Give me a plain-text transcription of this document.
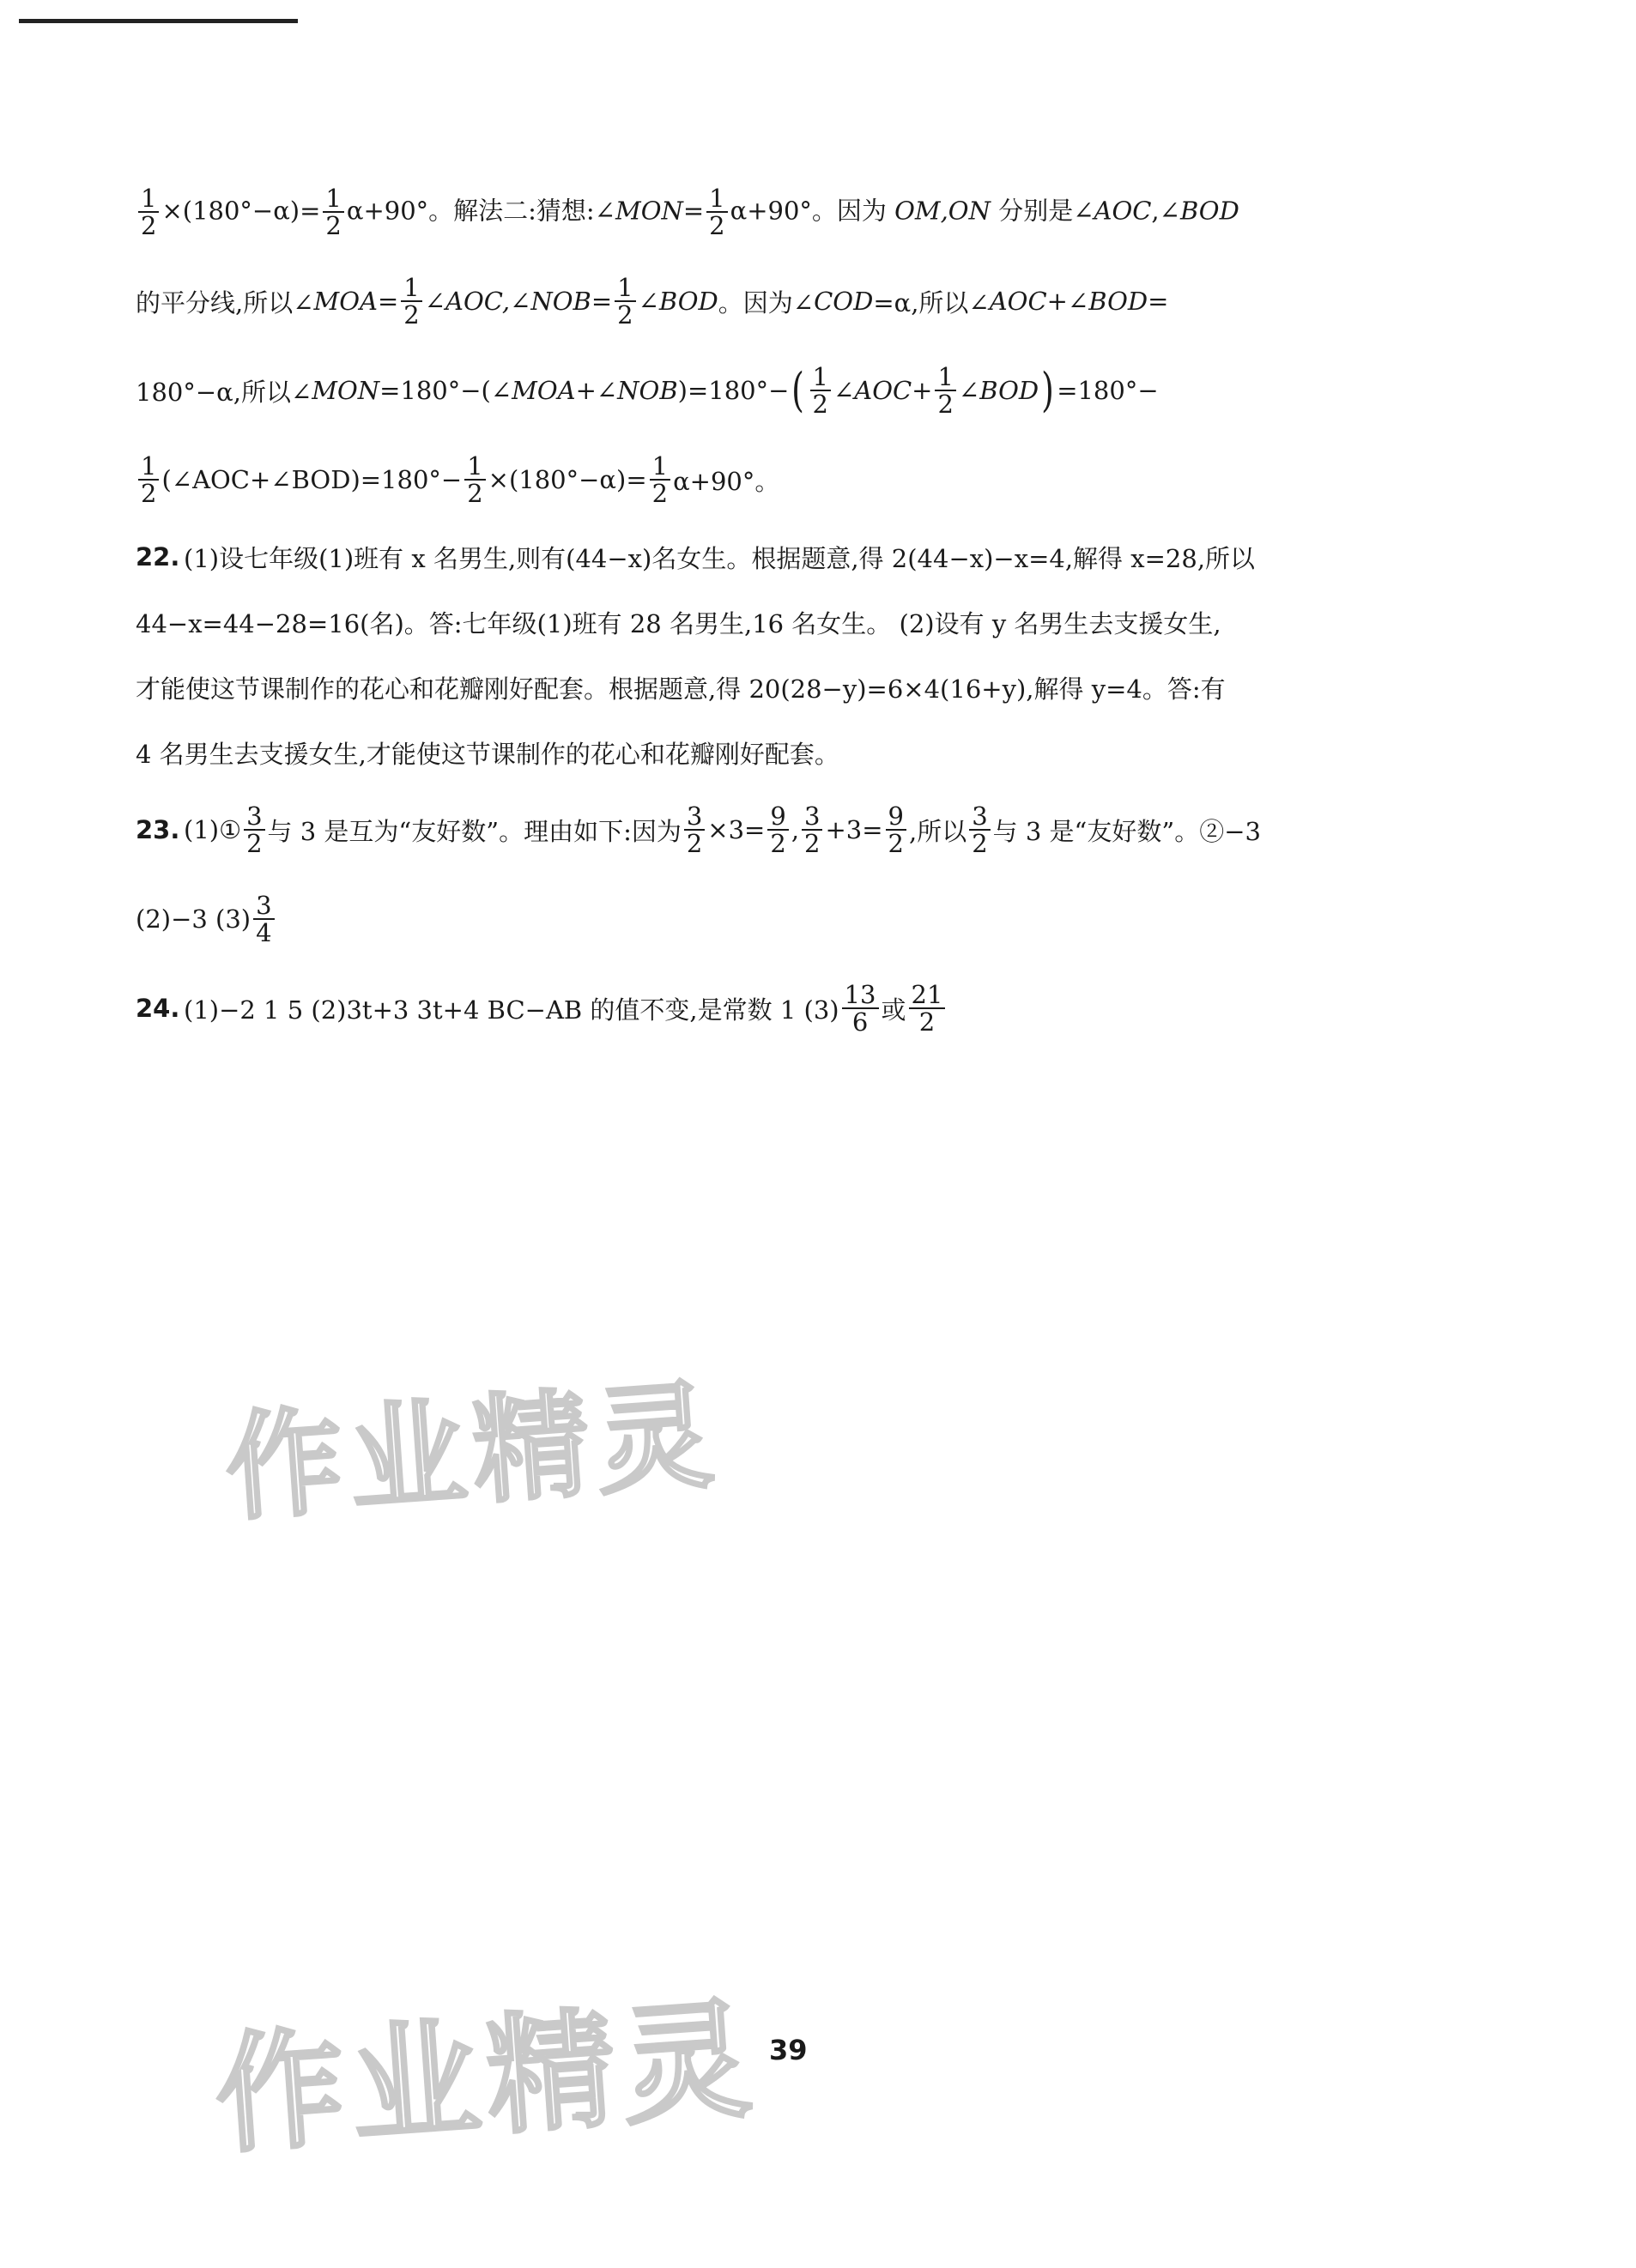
$\frac{1}{2} \times(180^\circ-\alpha)= \frac{1}{2} \alpha+90^\circ$。解法二:猜想:∠MON= $\frac{1}{2} \alpha+90^\circ$。因为 OM,ON 分别是∠AOC,∠BOD
的平分线,所以∠ $MOA= \frac{1}{2}$ ∠AOC,∠NOB= $\frac{1}{2}$ ∠ BOD 。因为∠ COD =α,所以∠ AOC+∠BOD=
180°−α,所以∠ MON =180°−(∠ MOA+∠NOB )=180°− ( $\frac{1}{2}$ ∠AOC+ $\frac{1}{2}$ ∠BOD ) =180°−
$\frac{1}{2}$ (∠AOC+∠BOD)=180°− $\frac{1}{2} \times(180^\circ-\alpha)= \frac{1}{2} \alpha+90^\circ$。
22. (1)设七年级(1)班有 x 名男生,则有(44−x)名女生。根据题意,得 2(44−x)−x=4,解得 x=28,所以
44−x=44−28=16(名)。答:七年级(1)班有 28 名男生,16 名女生。 (2)设有 y 名男生去支援女生,
才能使这节课制作的花心和花瓣刚好配套。根据题意,得 20(28−y)=6×4(16+y),解得 y=4。答:有
4 名男生去支援女生,才能使这节课制作的花心和花瓣刚好配套。
23. (1)① $\frac{3}{2}$ 与 3 是互为“友好数”。理由如下:因为 $\frac{3}{2} \times 3= \frac{9}{2}$ , $\frac{3}{2} +3= \frac{9}{2}$ ,所以 $\frac{3}{2}$ 与 3 是“友好数”。②−3
(2)−3 $(3) \frac{3}{4}$
24. (1)−2 1 5 (2)3t+3 3t+4 BC−AB 的值不变,是常数 1 $(3) \frac{13}{6}$ 或 $\frac{21}{2}$
作业精灵
作业精灵 39
